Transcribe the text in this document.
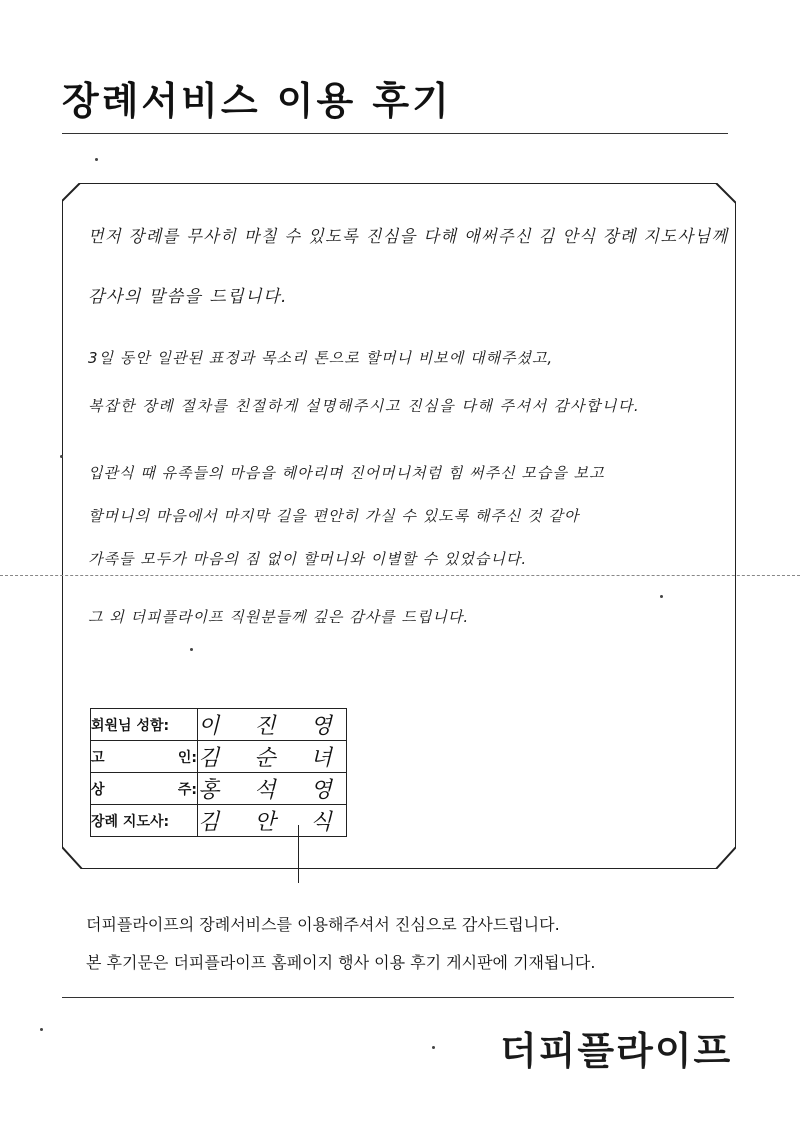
장례서비스 이용 후기
먼저 장례를 무사히 마칠 수 있도록 진심을 다해 애써주신 김 안식 장례 지도사님께
감사의 말씀을 드립니다.
3일 동안 일관된 표정과 목소리 톤으로 할머니 비보에 대해주셨고,
복잡한 장례 절차를 친절하게 설명해주시고 진심을 다해 주셔서 감사합니다.
입관식 때 유족들의 마음을 헤아리며 진어머니처럼 힘 써주신 모습을 보고
할머니의 마음에서 마지막 길을 편안히 가실 수 있도록 해주신 것 같아
가족들 모두가 마음의 짐 없이 할머니와 이별할 수 있었습니다.
그 외 더피플라이프 직원분들께 깊은 감사를 드립니다.
회원님 성함:	이 진 영

고 인:	김 순 녀

상 주:	홍 석 영

장례 지도사:	김 안 식
더피플라이프의 장례서비스를 이용해주셔서 진심으로 감사드립니다.
본 후기문은 더피플라이프 홈페이지 행사 이용 후기 게시판에 기재됩니다.
더피플라이프
